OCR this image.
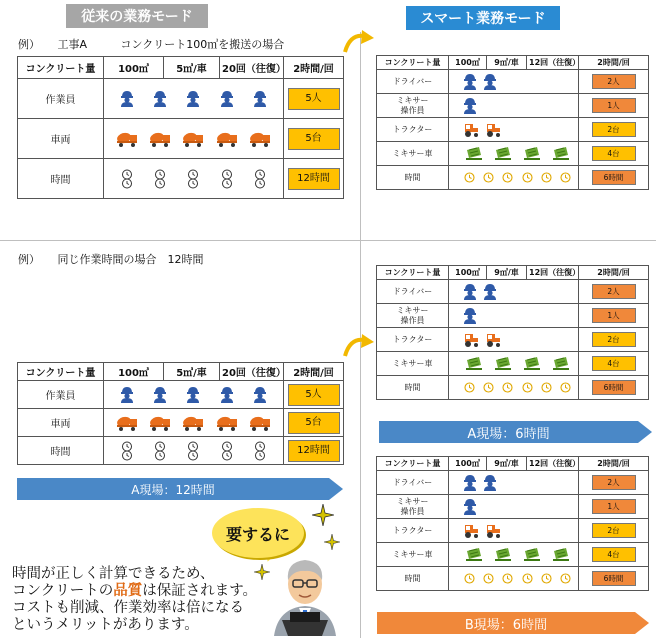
従来の業務モード	スマート業務モード
例） 工事A	コンクリート100㎥を搬送の場合
例） 同じ作業時間の場合　12時間
コンクリート量	100㎥	5㎥/車	20回（往復）	2時間/回
作業員				5人
車両				5台
時間				12時間
コンクリート量	100㎥	5㎥/車	20回（往復）	2時間/回
作業員				5人
車両				5台
時間				12時間
コンクリート量	100㎥	9㎥/車	12回（往復）	2時間/回
ドライバー				2人

ミキサー
操作員				1人
トラクター				2台
ミキサー車				4台
時間				6時間
コンクリート量	100㎥	9㎥/車	12回（往復）	2時間/回
ドライバー				2人

ミキサー
操作員				1人
トラクター				2台
ミキサー車				4台
時間				6時間
コンクリート量	100㎥	9㎥/車	12回（往復）	2時間/回
ドライバー				2人

ミキサー
操作員				1人
トラクター				2台
ミキサー車				4台
時間				6時間
A現場：12時間
A現場：6時間
B現場：6時間
要するに
時間が正しく計算できるため、
コンクリートの品質は保証されます。
コストも削減、作業効率は倍になる
というメリットがあります。
